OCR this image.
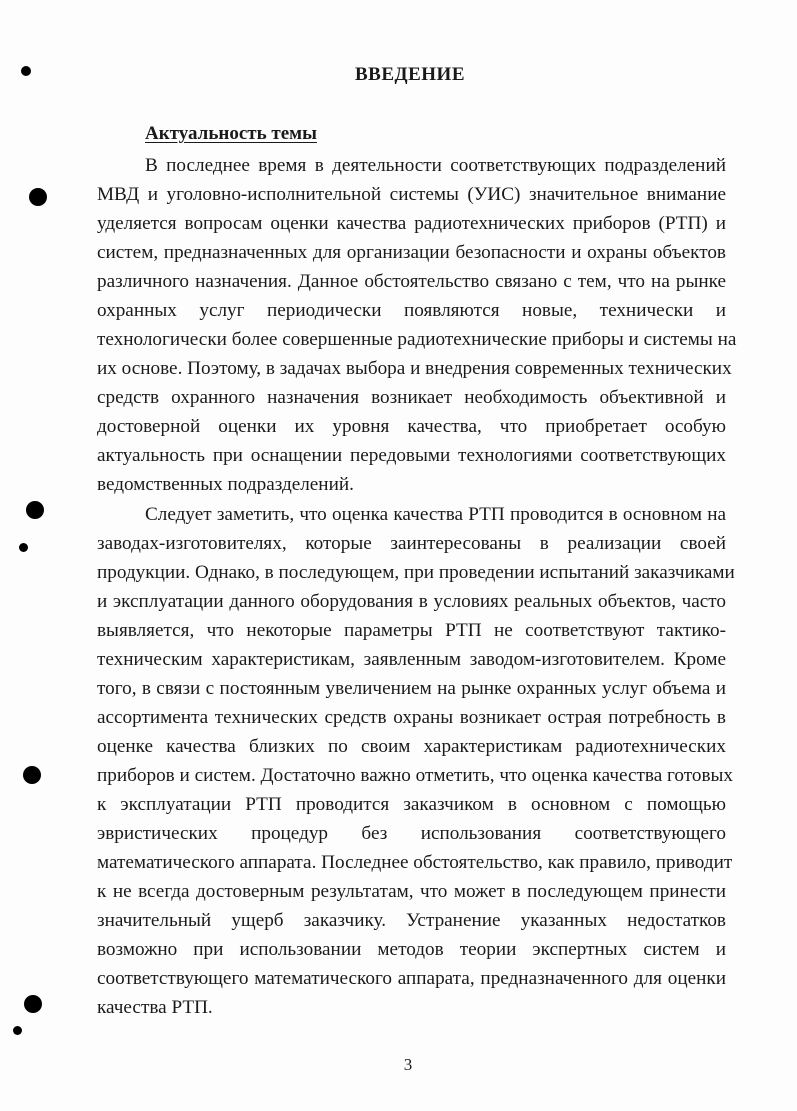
ВВЕДЕНИЕ
Актуальность темы
В последнее время в деятельности соответствующих подразделений
МВД и уголовно-исполнительной системы (УИС) значительное внимание
уделяется вопросам оценки качества радиотехнических приборов (РТП) и
систем, предназначенных для организации безопасности и охраны объектов
различного назначения. Данное обстоятельство связано с тем, что на рынке
охранных услуг периодически появляются новые, технически и
технологически более совершенные радиотехнические приборы и системы на
их основе. Поэтому, в задачах выбора и внедрения современных технических
средств охранного назначения возникает необходимость объективной и
достоверной оценки их уровня качества, что приобретает особую
актуальность при оснащении передовыми технологиями соответствующих
ведомственных подразделений.
Следует заметить, что оценка качества РТП проводится в основном на
заводах-изготовителях, которые заинтересованы в реализации своей
продукции. Однако, в последующем, при проведении испытаний заказчиками
и эксплуатации данного оборудования в условиях реальных объектов, часто
выявляется, что некоторые параметры РТП не соответствуют тактико-
техническим характеристикам, заявленным заводом-изготовителем. Кроме
того, в связи с постоянным увеличением на рынке охранных услуг объема и
ассортимента технических средств охраны возникает острая потребность в
оценке качества близких по своим характеристикам радиотехнических
приборов и систем. Достаточно важно отметить, что оценка качества готовых
к эксплуатации РТП проводится заказчиком в основном с помощью
эвристических процедур без использования соответствующего
математического аппарата. Последнее обстоятельство, как правило, приводит
к не всегда достоверным результатам, что может в последующем принести
значительный ущерб заказчику. Устранение указанных недостатков
возможно при использовании методов теории экспертных систем и
соответствующего математического аппарата, предназначенного для оценки
качества РТП.
3
